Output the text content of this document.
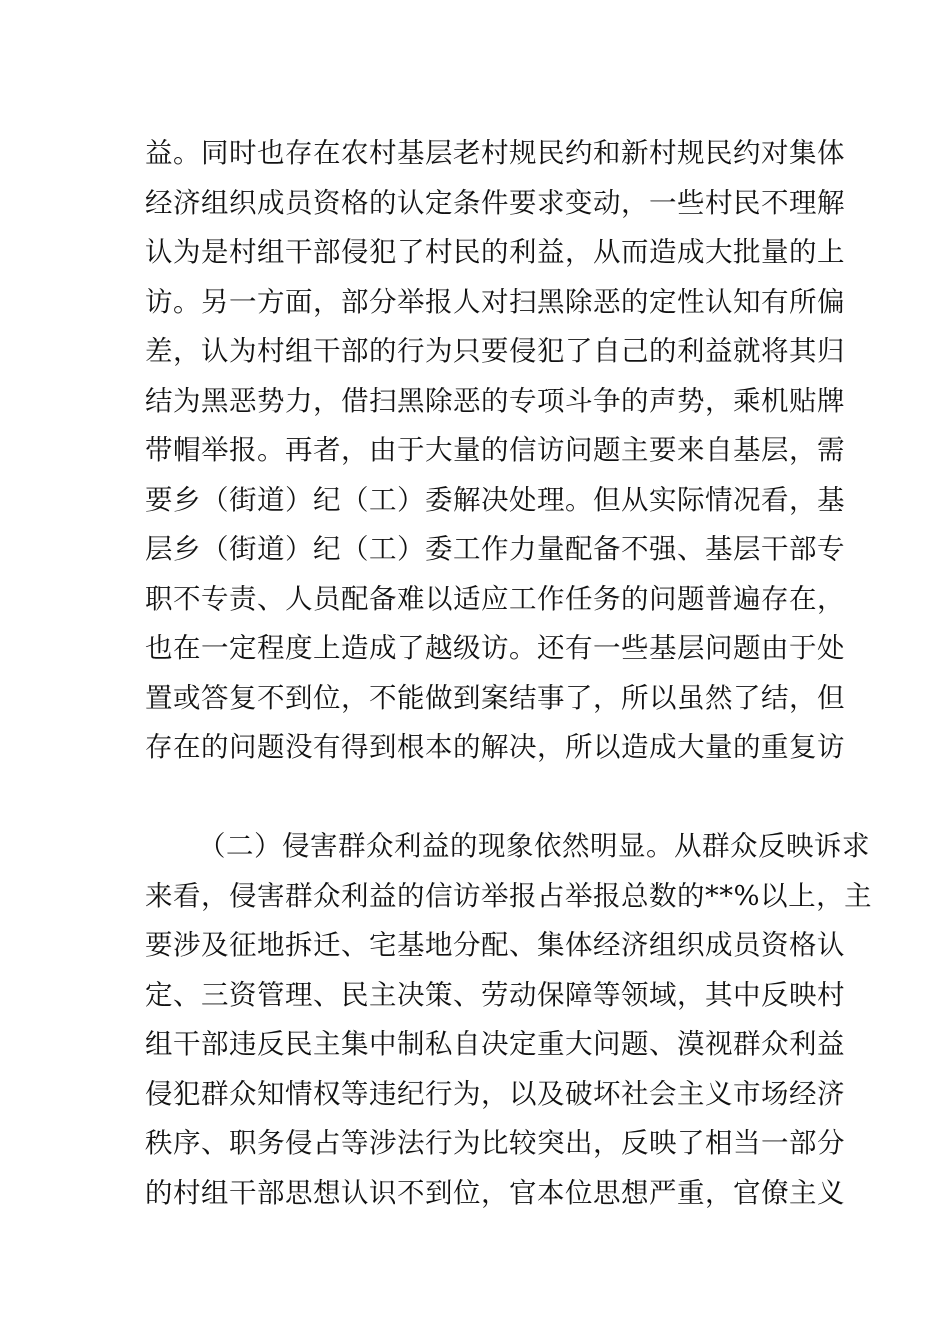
益。同时也存在农村基层老村规民约和新村规民约对集体
经济组织成员资格的认定条件要求变动，一些村民不理解
认为是村组干部侵犯了村民的利益，从而造成大批量的上
访。另一方面，部分举报人对扫黑除恶的定性认知有所偏
差，认为村组干部的行为只要侵犯了自己的利益就将其归
结为黑恶势力，借扫黑除恶的专项斗争的声势，乘机贴牌
带帽举报。再者，由于大量的信访问题主要来自基层，需
要乡（街道）纪（工）委解决处理。但从实际情况看，基
层乡（街道）纪（工）委工作力量配备不强、基层干部专
职不专责、人员配备难以适应工作任务的问题普遍存在，
也在一定程度上造成了越级访。还有一些基层问题由于处
置或答复不到位，不能做到案结事了，所以虽然了结，但
存在的问题没有得到根本的解决，所以造成大量的重复访
（二）侵害群众利益的现象依然明显。从群众反映诉求
来看，侵害群众利益的信访举报占举报总数的**%以上，主
要涉及征地拆迁、宅基地分配、集体经济组织成员资格认
定、三资管理、民主决策、劳动保障等领域，其中反映村
组干部违反民主集中制私自决定重大问题、漠视群众利益
侵犯群众知情权等违纪行为，以及破坏社会主义市场经济
秩序、职务侵占等涉法行为比较突出，反映了相当一部分
的村组干部思想认识不到位，官本位思想严重，官僚主义
